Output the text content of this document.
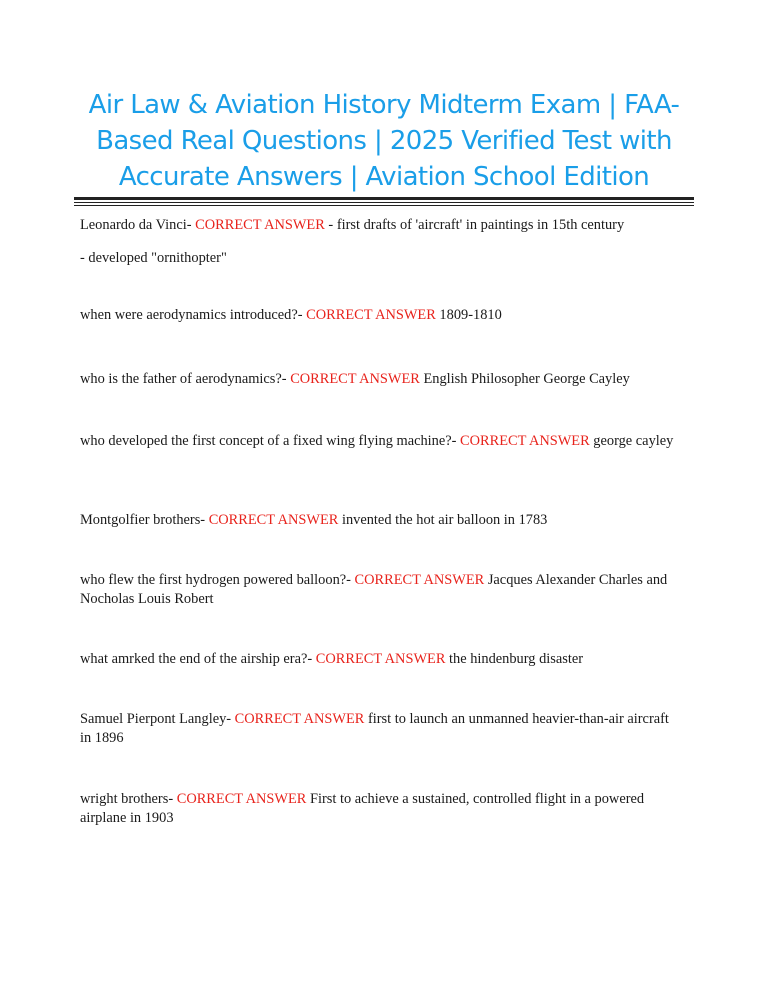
Air Law & Aviation History Midterm Exam | FAA-Based Real Questions | 2025 Verified Test with Accurate Answers | Aviation School Edition
Leonardo da Vinci- CORRECT ANSWER - first drafts of 'aircraft' in paintings in 15th century
- developed "ornithopter"
when were aerodynamics introduced?- CORRECT ANSWER 1809-1810
who is the father of aerodynamics?- CORRECT ANSWER English Philosopher George Cayley
who developed the first concept of a fixed wing flying machine?- CORRECT ANSWER george cayley
Montgolfier brothers- CORRECT ANSWER invented the hot air balloon in 1783
who flew the first hydrogen powered balloon?- CORRECT ANSWER Jacques Alexander Charles and Nocholas Louis Robert
what amrked the end of the airship era?- CORRECT ANSWER the hindenburg disaster
Samuel Pierpont Langley- CORRECT ANSWER first to launch an unmanned heavier-than-air aircraft in 1896
wright brothers- CORRECT ANSWER First to achieve a sustained, controlled flight in a powered airplane in 1903
